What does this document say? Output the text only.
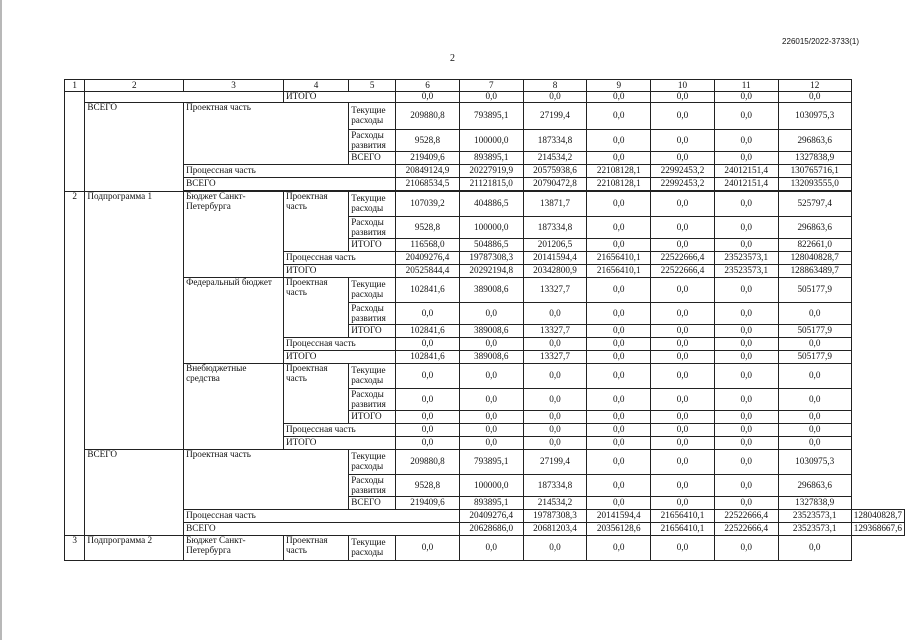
226015/2022-3733(1)
2
1	2	3	4	5	6	7	8	9	10	11	12	
			ИТОГО		0,0	0,0	0,0	0,0	0,0	0,0	0,0	
	ВСЕГО	Проектная часть		Текущие расходы	209880,8	793895,1	27199,4	0,0	0,0	0,0	1030975,3	
				Расходы развития	9528,8	100000,0	187334,8	0,0	0,0	0,0	296863,6	
				ВСЕГО	219409,6	893895,1	214534,2	0,0	0,0	0,0	1327838,9	
		Процессная часть			20849124,9	20227919,9	20575938,6	22108128,1	22992453,2	24012151,4	130765716,1	
		ВСЕГО			21068534,5	21121815,0	20790472,8	22108128,1	22992453,2	24012151,4	132093555,0	

2	Подпрограмма 1	Бюджет Санкт-Петербурга	Проектная часть	Текущие расходы	107039,2	404886,5	13871,7	0,0	0,0	0,0	525797,4	
				Расходы развития	9528,8	100000,0	187334,8	0,0	0,0	0,0	296863,6	
				ИТОГО	116568,0	504886,5	201206,5	0,0	0,0	0,0	822661,0	
			Процессная часть		20409276,4	19787308,3	20141594,4	21656410,1	22522666,4	23523573,1	128040828,7	
			ИТОГО		20525844,4	20292194,8	20342800,9	21656410,1	22522666,4	23523573,1	128863489,7	
		Федеральный бюджет	Проектная часть	Текущие расходы	102841,6	389008,6	13327,7	0,0	0,0	0,0	505177,9	
				Расходы развития	0,0	0,0	0,0	0,0	0,0	0,0	0,0	
				ИТОГО	102841,6	389008,6	13327,7	0,0	0,0	0,0	505177,9	
			Процессная часть		0,0	0,0	0,0	0,0	0,0	0,0	0,0	
			ИТОГО		102841,6	389008,6	13327,7	0,0	0,0	0,0	505177,9	
		Внебюджетные средства	Проектная часть	Текущие расходы	0,0	0,0	0,0	0,0	0,0	0,0	0,0	
				Расходы развития	0,0	0,0	0,0	0,0	0,0	0,0	0,0	
				ИТОГО	0,0	0,0	0,0	0,0	0,0	0,0	0,0	
			Процессная часть		0,0	0,0	0,0	0,0	0,0	0,0	0,0	
			ИТОГО		0,0	0,0	0,0	0,0	0,0	0,0	0,0	
	ВСЕГО	Проектная часть		Текущие расходы	209880,8	793895,1	27199,4	0,0	0,0	0,0	1030975,3	
				Расходы развития	9528,8	100000,0	187334,8	0,0	0,0	0,0	296863,6	
				ВСЕГО	219409,6	893895,1	214534,2	0,0	0,0	0,0	1327838,9	
		Процессная часть				20409276,4	19787308,3	20141594,4	21656410,1	22522666,4	23523573,1	128040828,7
		ВСЕГО				20628686,0	20681203,4	20356128,6	21656410,1	22522666,4	23523573,1	129368667,6
3	Подпрограмма 2	Бюджет Санкт-Петербурга	Проектная часть	Текущие расходы	0,0	0,0	0,0	0,0	0,0	0,0	0,0	
